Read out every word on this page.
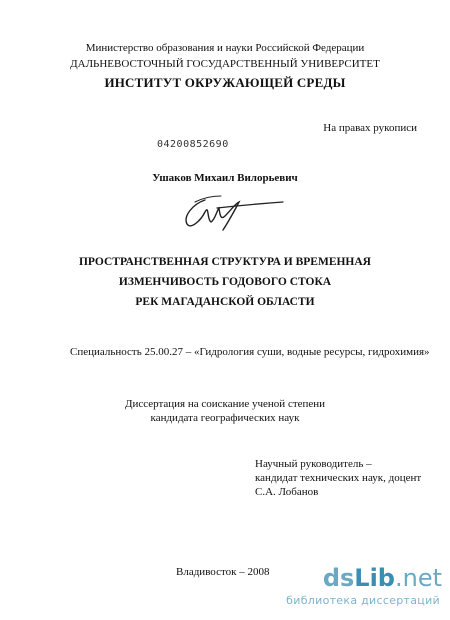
Министерство образования и науки Российской Федерации
ДАЛЬНЕВОСТОЧНЫЙ ГОСУДАРСТВЕННЫЙ УНИВЕРСИТЕТ
ИНСТИТУТ ОКРУЖАЮЩЕЙ СРЕДЫ
На правах рукописи
04200852690
Ушаков Михаил Вилорьевич
ПРОСТРАНСТВЕННАЯ СТРУКТУРА И ВРЕМЕННАЯ
ИЗМЕНЧИВОСТЬ ГОДОВОГО СТОКА
РЕК МАГАДАНСКОЙ ОБЛАСТИ
Специальность 25.00.27 – «Гидрология суши, водные ресурсы, гидрохимия»
Диссертация на соискание ученой степени
кандидата географических наук
Научный руководитель –
кандидат технических наук, доцент
С.А. Лобанов
Владивосток – 2008 dsLib.net
библиотека диссертаций
